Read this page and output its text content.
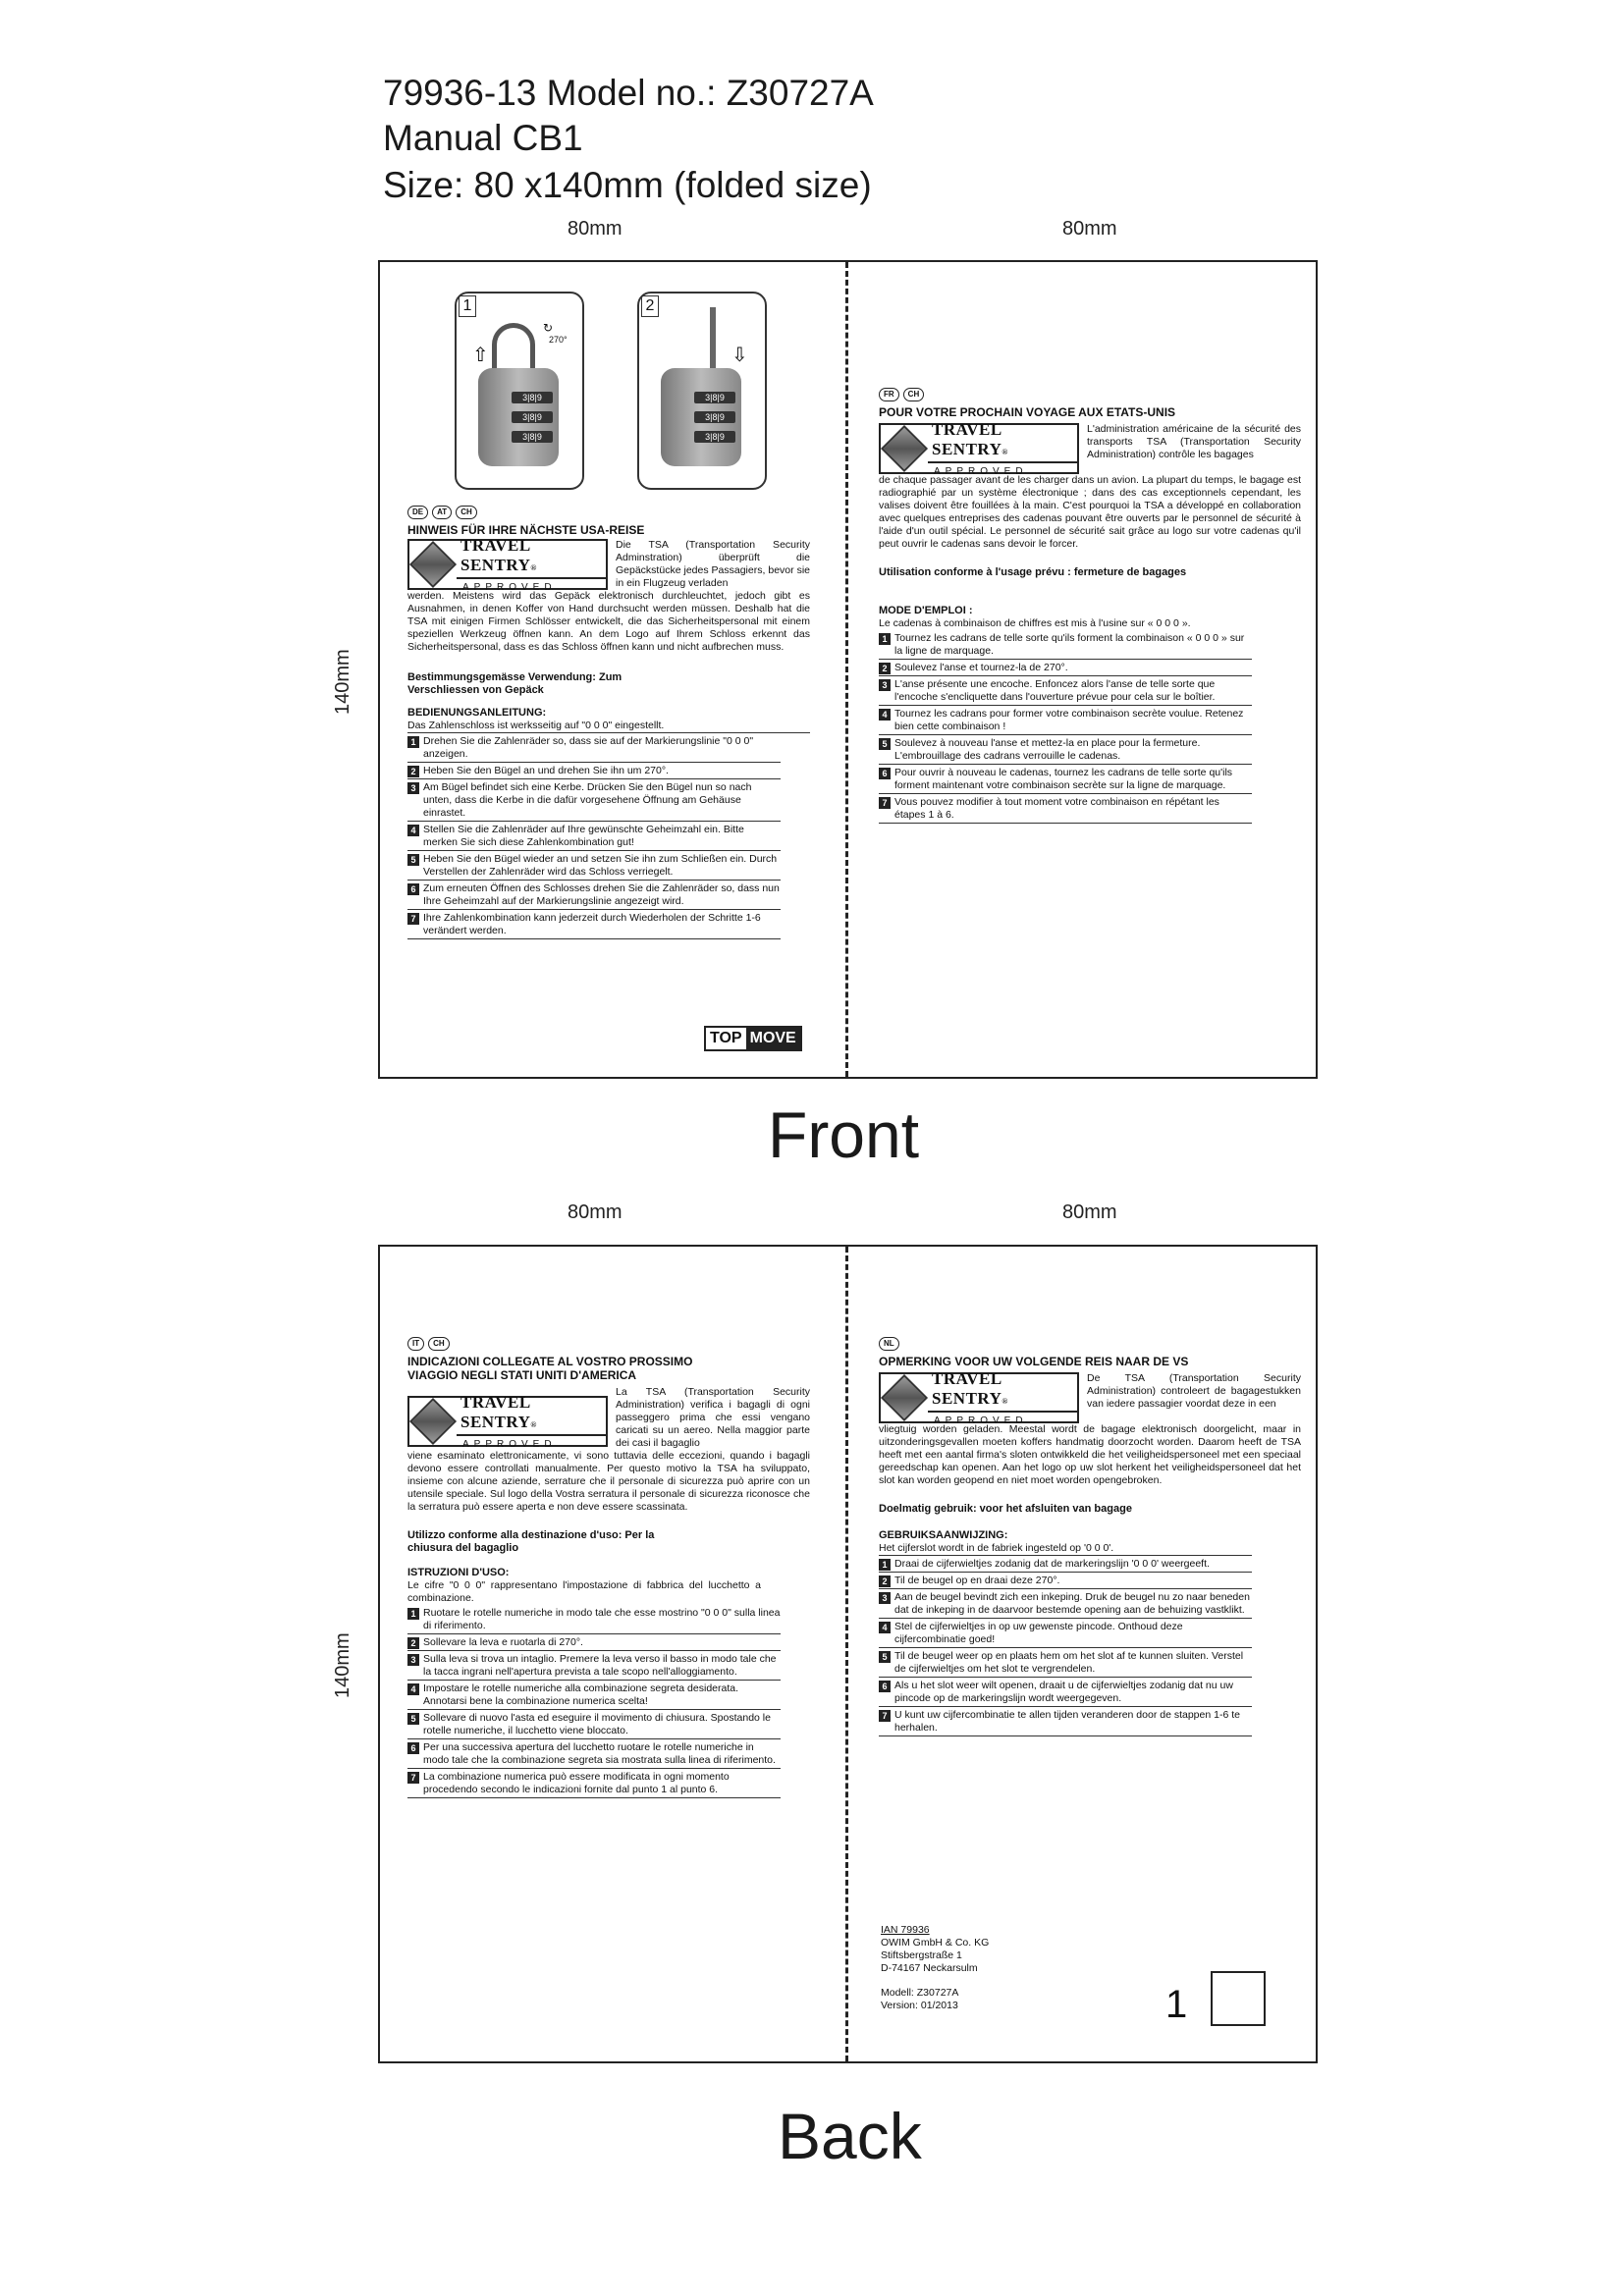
79936-13 Model no.: Z30727A
Manual CB1
Size: 80 x140mm (folded size)
80mm	80mm
140mm
1
↻
270°
⇧
3|8|9
3|8|9
3|8|9
2
⇩
3|8|9
3|8|9
3|8|9
DE	AT	CH
HINWEIS FÜR IHRE NÄCHSTE USA-REISE
TRAVEL SENTRY®
APPROVED
Die TSA (Transportation Security Adminstration) überprüft die Gepäckstücke jedes Passagiers, bevor sie in ein Flugzeug verladen
werden. Meistens wird das Gepäck elektronisch durchleuchtet, jedoch gibt es Ausnahmen, in denen Koffer von Hand durchsucht werden müssen. Deshalb hat die TSA mit einigen Firmen Schlösser entwickelt, die das Sicherheitspersonal mit einem speziellen Werkzeug öffnen kann. An dem Logo auf Ihrem Schloss erkennt das Sicherheitspersonal, dass es das Schloss öffnen kann und nicht aufbrechen muss.
Bestimmungsgemässe Verwendung: Zum Verschliessen von Gepäck
BEDIENUNGSANLEITUNG:
Das Zahlenschloss ist werksseitig auf "0 0 0" eingestellt.
1 Drehen Sie die Zahlenräder so, dass sie auf der Markierungslinie "0 0 0" anzeigen.
2 Heben Sie den Bügel an und drehen Sie ihn um 270°.
3 Am Bügel befindet sich eine Kerbe. Drücken Sie den Bügel nun so nach unten, dass die Kerbe in die dafür vorgesehene Öffnung am Gehäuse einrastet.
4 Stellen Sie die Zahlenräder auf Ihre gewünschte Geheimzahl ein. Bitte merken Sie sich diese Zahlenkombination gut!
5 Heben Sie den Bügel wieder an und setzen Sie ihn zum Schließen ein. Durch Verstellen der Zahlenräder wird das Schloss verriegelt.
6 Zum erneuten Öffnen des Schlosses drehen Sie die Zahlenräder so, dass nun Ihre Geheimzahl auf der Markierungslinie angezeigt wird.
7 Ihre Zahlenkombination kann jederzeit durch Wiederholen der Schritte 1-6 verändert werden.
TOP MOVE
FR	CH
POUR VOTRE PROCHAIN VOYAGE AUX ETATS-UNIS
TRAVEL SENTRY®
APPROVED
L'administration américaine de la sécurité des transports TSA (Transportation Security Administration) contrôle les bagages
de chaque passager avant de les charger dans un avion. La plupart du temps, le bagage est radiographié par un système électronique ; dans des cas exceptionnels cependant, les valises doivent être fouillées à la main. C'est pourquoi la TSA a développé en collaboration avec quelques entreprises des cadenas pouvant être ouverts par le personnel de sécurité à l'aide d'un outil spécial. Le personnel de sécurité sait grâce au logo sur votre cadenas qu'il peut ouvrir le cadenas sans devoir le forcer.
Utilisation conforme à l'usage prévu : fermeture de bagages
MODE D'EMPLOI :
Le cadenas à combinaison de chiffres est mis à l'usine sur « 0 0 0 ».
1 Tournez les cadrans de telle sorte qu'ils forment la combinaison « 0 0 0 » sur la ligne de marquage.
2 Soulevez l'anse et tournez-la de 270°.
3 L'anse présente une encoche. Enfoncez alors l'anse de telle sorte que l'encoche s'encliquette dans l'ouverture prévue pour cela sur le boîtier.
4 Tournez les cadrans pour former votre combinaison secrète voulue. Retenez bien cette combinaison !
5 Soulevez à nouveau l'anse et mettez-la en place pour la fermeture. L'embrouillage des cadrans verrouille le cadenas.
6 Pour ouvrir à nouveau le cadenas, tournez les cadrans de telle sorte qu'ils forment maintenant votre combinaison secrète sur la ligne de marquage.
7 Vous pouvez modifier à tout moment votre combinaison en répétant les étapes 1 à 6.
Front
80mm	80mm
140mm
IT	CH
INDICAZIONI COLLEGATE AL VOSTRO PROSSIMO VIAGGIO NEGLI STATI UNITI D'AMERICA
TRAVEL SENTRY®
APPROVED
La TSA (Transportation Security Administration) verifica i bagagli di ogni passeggero prima che essi vengano caricati su un aereo. Nella maggior parte dei casi il bagaglio
viene esaminato elettronicamente, vi sono tuttavia delle eccezioni, quando i bagagli devono essere controllati manualmente. Per questo motivo la TSA ha sviluppato, insieme con alcune aziende, serrature che il personale di sicurezza può aprire con un utensile speciale. Sul logo della Vostra serratura il personale di sicurezza riconosce che la serratura può essere aperta e non deve essere scassinata.
Utilizzo conforme alla destinazione d'uso: Per la chiusura del bagaglio
ISTRUZIONI D'USO:
Le cifre "0 0 0" rappresentano l'impostazione di fabbrica del lucchetto a combinazione.
1 Ruotare le rotelle numeriche in modo tale che esse mostrino "0 0 0" sulla linea di riferimento.
2 Sollevare la leva e ruotarla di 270°.
3 Sulla leva si trova un intaglio. Premere la leva verso il basso in modo tale che la tacca ingrani nell'apertura prevista a tale scopo nell'alloggiamento.
4 Impostare le rotelle numeriche alla combinazione segreta desiderata. Annotarsi bene la combinazione numerica scelta!
5 Sollevare di nuovo l'asta ed eseguire il movimento di chiusura. Spostando le rotelle numeriche, il lucchetto viene bloccato.
6 Per una successiva apertura del lucchetto ruotare le rotelle numeriche in modo tale che la combinazione segreta sia mostrata sulla linea di riferimento.
7 La combinazione numerica può essere modificata in ogni momento procedendo secondo le indicazioni fornite dal punto 1 al punto 6.
NL
OPMERKING VOOR UW VOLGENDE REIS NAAR DE VS
TRAVEL SENTRY®
APPROVED
De TSA (Transportation Security Administration) controleert de bagagestukken van iedere passagier voordat deze in een
vliegtuig worden geladen. Meestal wordt de bagage elektronisch doorgelicht, maar in uitzonderingsgevallen moeten koffers handmatig doorzocht worden. Daarom heeft de TSA heeft met een aantal firma's sloten ontwikkeld die het veiligheidspersoneel met een speciaal gereedschap kan openen. Aan het logo op uw slot herkent het veiligheidspersoneel dat het slot kan worden geopend en niet moet worden opengebroken.
Doelmatig gebruik: voor het afsluiten van bagage
GEBRUIKSAANWIJZING:
Het cijferslot wordt in de fabriek ingesteld op '0 0 0'.
1 Draai de cijferwieltjes zodanig dat de markeringslijn '0 0 0' weergeeft.
2 Til de beugel op en draai deze 270°.
3 Aan de beugel bevindt zich een inkeping. Druk de beugel nu zo naar beneden dat de inkeping in de daarvoor bestemde opening aan de behuizing vastklikt.
4 Stel de cijferwieltjes in op uw gewenste pincode. Onthoud deze cijfercombinatie goed!
5 Til de beugel weer op en plaats hem om het slot af te kunnen sluiten. Verstel de cijferwieltjes om het slot te vergrendelen.
6 Als u het slot weer wilt openen, draait u de cijferwieltjes zodanig dat nu uw pincode op de markeringslijn wordt weergegeven.
7 U kunt uw cijfercombinatie te allen tijden veranderen door de stappen 1-6 te herhalen.
IAN 79936
OWIM GmbH & Co. KG
Stiftsbergstraße 1
D-74167 Neckarsulm
Modell: Z30727A
Version: 01/2013	1
Back
